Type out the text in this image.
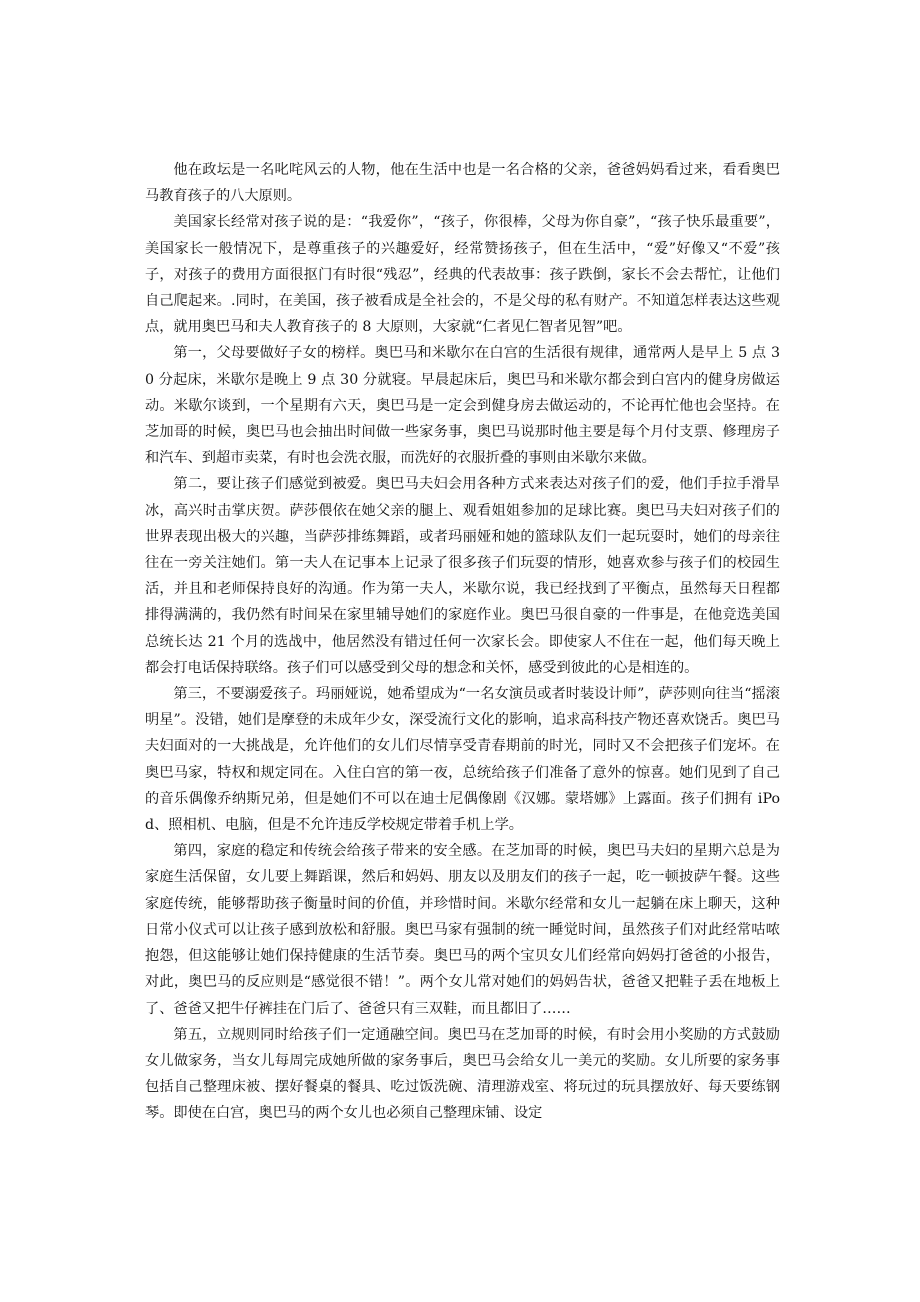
他在政坛是一名叱咤风云的人物，他在生活中也是一名合格的父亲，爸爸妈妈看过来，看看奥巴马教育孩子的八大原则。

美国家长经常对孩子说的是：“我爱你”，“孩子，你很棒，父母为你自豪”，“孩子快乐最重要”，美国家长一般情况下，是尊重孩子的兴趣爱好，经常赞扬孩子，但在生活中，“爱”好像又“不爱”孩子，对孩子的费用方面很抠门有时很“残忍”，经典的代表故事：孩子跌倒，家长不会去帮忙，让他们自己爬起来。.同时，在美国，孩子被看成是全社会的，不是父母的私有财产。不知道怎样表达这些观点，就用奥巴马和夫人教育孩子的 8 大原则，大家就“仁者见仁智者见智”吧。

第一，父母要做好子女的榜样。奥巴马和米歇尔在白宫的生活很有规律，通常两人是早上 5 点 30 分起床，米歇尔是晚上 9 点 30 分就寝。早晨起床后，奥巴马和米歇尔都会到白宫内的健身房做运动。米歇尔谈到，一个星期有六天，奥巴马是一定会到健身房去做运动的，不论再忙他也会坚持。在芝加哥的时候，奥巴马也会抽出时间做一些家务事，奥巴马说那时他主要是每个月付支票、修理房子和汽车、到超市卖菜，有时也会洗衣服，而洗好的衣服折叠的事则由米歇尔来做。

第二，要让孩子们感觉到被爱。奥巴马夫妇会用各种方式来表达对孩子们的爱，他们手拉手滑旱冰，高兴时击掌庆贺。萨莎偎依在她父亲的腿上、观看姐姐参加的足球比赛。奥巴马夫妇对孩子们的世界表现出极大的兴趣，当萨莎排练舞蹈，或者玛丽娅和她的篮球队友们一起玩耍时，她们的母亲往往在一旁关注她们。第一夫人在记事本上记录了很多孩子们玩耍的情形，她喜欢参与孩子们的校园生活，并且和老师保持良好的沟通。作为第一夫人，米歇尔说，我已经找到了平衡点，虽然每天日程都排得满满的，我仍然有时间呆在家里辅导她们的家庭作业。奥巴马很自豪的一件事是，在他竞选美国总统长达 21 个月的选战中，他居然没有错过任何一次家长会。即使家人不住在一起，他们每天晚上都会打电话保持联络。孩子们可以感受到父母的想念和关怀，感受到彼此的心是相连的。

第三，不要溺爱孩子。玛丽娅说，她希望成为“一名女演员或者时装设计师”，萨莎则向往当“摇滚明星”。没错，她们是摩登的未成年少女，深受流行文化的影响，追求高科技产物还喜欢饶舌。奥巴马夫妇面对的一大挑战是，允许他们的女儿们尽情享受青春期前的时光，同时又不会把孩子们宠坏。在奥巴马家，特权和规定同在。入住白宫的第一夜，总统给孩子们准备了意外的惊喜。她们见到了自己的音乐偶像乔纳斯兄弟，但是她们不可以在迪士尼偶像剧《汉娜。蒙塔娜》上露面。孩子们拥有 iPod、照相机、电脑，但是不允许违反学校规定带着手机上学。

第四，家庭的稳定和传统会给孩子带来的安全感。在芝加哥的时候，奥巴马夫妇的星期六总是为家庭生活保留，女儿要上舞蹈课，然后和妈妈、朋友以及朋友们的孩子一起，吃一顿披萨午餐。这些家庭传统，能够帮助孩子衡量时间的价值，并珍惜时间。米歇尔经常和女儿一起躺在床上聊天，这种日常小仪式可以让孩子感到放松和舒服。奥巴马家有强制的统一睡觉时间，虽然孩子们对此经常咕哝抱怨，但这能够让她们保持健康的生活节奏。奥巴马的两个宝贝女儿们经常向妈妈打爸爸的小报告，对此，奥巴马的反应则是“感觉很不错！”。两个女儿常对她们的妈妈告状，爸爸又把鞋子丢在地板上了、爸爸又把牛仔裤挂在门后了、爸爸只有三双鞋，而且都旧了……

第五，立规则同时给孩子们一定通融空间。奥巴马在芝加哥的时候，有时会用小奖励的方式鼓励女儿做家务，当女儿每周完成她所做的家务事后，奥巴马会给女儿一美元的奖励。女儿所要的家务事包括自己整理床被、摆好餐桌的餐具、吃过饭洗碗、清理游戏室、将玩过的玩具摆放好、每天要练钢琴。即使在白宫，奥巴马的两个女儿也必须自己整理床铺、设定
